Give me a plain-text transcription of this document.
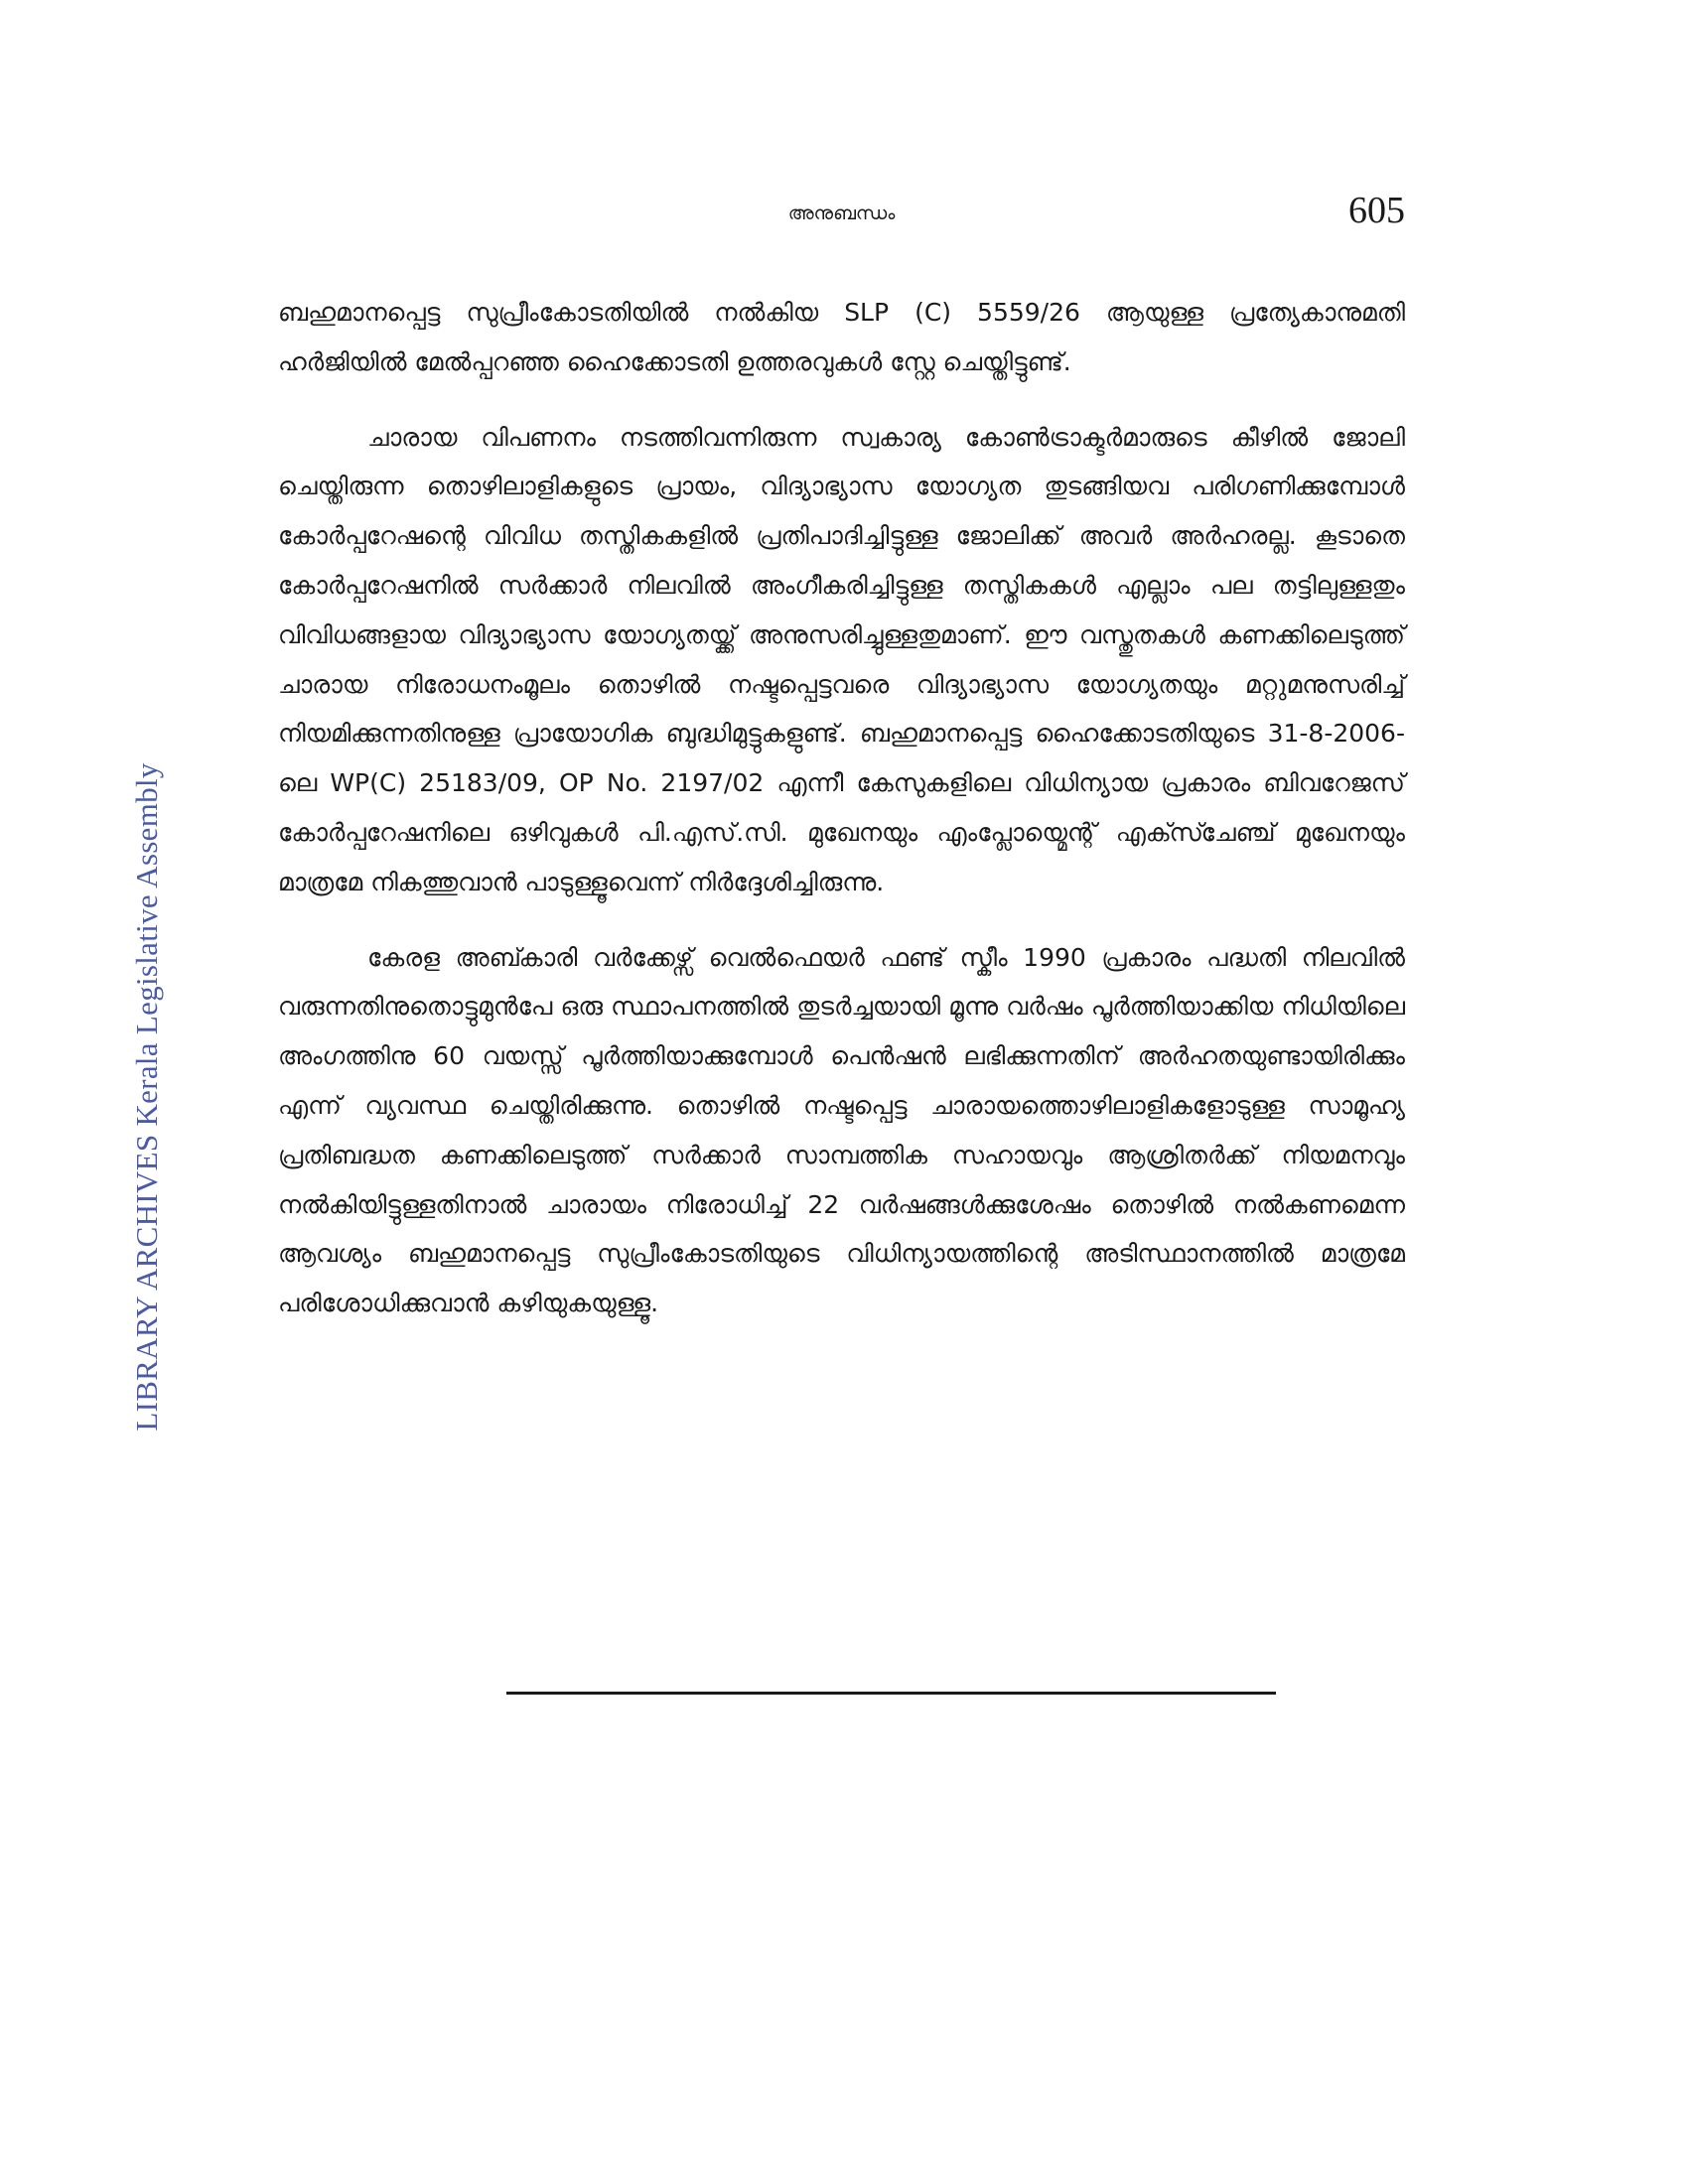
LIBRARY ARCHIVES Kerala Legislative Assembly
അനുബന്ധം	605

ബഹുമാനപ്പെട്ട സുപ്രീംകോടതിയിൽ നൽകിയ SLP (C) 5559/26 ആയുള്ള പ്രത്യേകാനുമതി ഹർജിയിൽ മേൽപ്പറഞ്ഞ ഹൈക്കോടതി ഉത്തരവുകൾ സ്റ്റേ ചെയ്തിട്ടുണ്ട്.

ചാരായ വിപണനം നടത്തിവന്നിരുന്ന സ്വകാര്യ കോൺട്രാക്ടർമാരുടെ കീഴിൽ ജോലി ചെയ്തിരുന്ന തൊഴിലാളികളുടെ പ്രായം, വിദ്യാഭ്യാസ യോഗ്യത തുടങ്ങിയവ പരിഗണിക്കുമ്പോൾ കോർപ്പറേഷന്റെ വിവിധ തസ്തികകളിൽ പ്രതിപാദിച്ചിട്ടുള്ള ജോലിക്ക് അവർ അർഹരല്ല. കൂടാതെ കോർപ്പറേഷനിൽ സർക്കാർ നിലവിൽ അംഗീകരിച്ചിട്ടുള്ള തസ്തികകൾ എല്ലാം പല തട്ടിലുള്ളതും വിവിധങ്ങളായ വിദ്യാഭ്യാസ യോഗ്യതയ്ക്ക് അനുസരിച്ചുള്ളതുമാണ്. ഈ വസ്തുതകൾ കണക്കിലെടുത്ത് ചാരായ നിരോധനംമൂലം തൊഴിൽ നഷ്ടപ്പെട്ടവരെ വിദ്യാഭ്യാസ യോഗ്യതയും മറ്റുമനുസരിച്ച് നിയമിക്കുന്നതിനുള്ള പ്രായോഗിക ബുദ്ധിമുട്ടുകളുണ്ട്. ബഹുമാനപ്പെട്ട ഹൈക്കോടതിയുടെ 31-8-2006-ലെ WP(C) 25183/09, OP No. 2197/02 എന്നീ കേസുകളിലെ വിധിന്യായ പ്രകാരം ബിവറേജസ് കോർപ്പറേഷനിലെ ഒഴിവുകൾ പി.എസ്.സി. മുഖേനയും എംപ്ലോയ്മെന്റ് എക്സ്ചേഞ്ച് മുഖേനയും മാത്രമേ നികത്തുവാൻ പാടുള്ളൂവെന്ന് നിർദ്ദേശിച്ചിരുന്നു.

കേരള അബ്കാരി വർക്കേഴ്സ് വെൽഫെയർ ഫണ്ട് സ്കീം 1990 പ്രകാരം പദ്ധതി നിലവിൽ വരുന്നതിനുതൊട്ടുമുൻപേ ഒരു സ്ഥാപനത്തിൽ തുടർച്ചയായി മൂന്നു വർഷം പൂർത്തിയാക്കിയ നിധിയിലെ അംഗത്തിനു 60 വയസ്സ് പൂർത്തിയാക്കുമ്പോൾ പെൻഷൻ ലഭിക്കുന്നതിന് അർഹതയുണ്ടായിരിക്കും എന്ന് വ്യവസ്ഥ ചെയ്തിരിക്കുന്നു. തൊഴിൽ നഷ്ടപ്പെട്ട ചാരായത്തൊഴിലാളികളോടുള്ള സാമൂഹ്യ പ്രതിബദ്ധത കണക്കിലെടുത്ത് സർക്കാർ സാമ്പത്തിക സഹായവും ആശ്രിതർക്ക് നിയമനവും നൽകിയിട്ടുള്ളതിനാൽ ചാരായം നിരോധിച്ച് 22 വർഷങ്ങൾക്കുശേഷം തൊഴിൽ നൽകണമെന്ന ആവശ്യം ബഹുമാനപ്പെട്ട സുപ്രീംകോടതിയുടെ വിധിന്യായത്തിന്റെ അടിസ്ഥാനത്തിൽ മാത്രമേ പരിശോധിക്കുവാൻ കഴിയുകയുള്ളൂ.
